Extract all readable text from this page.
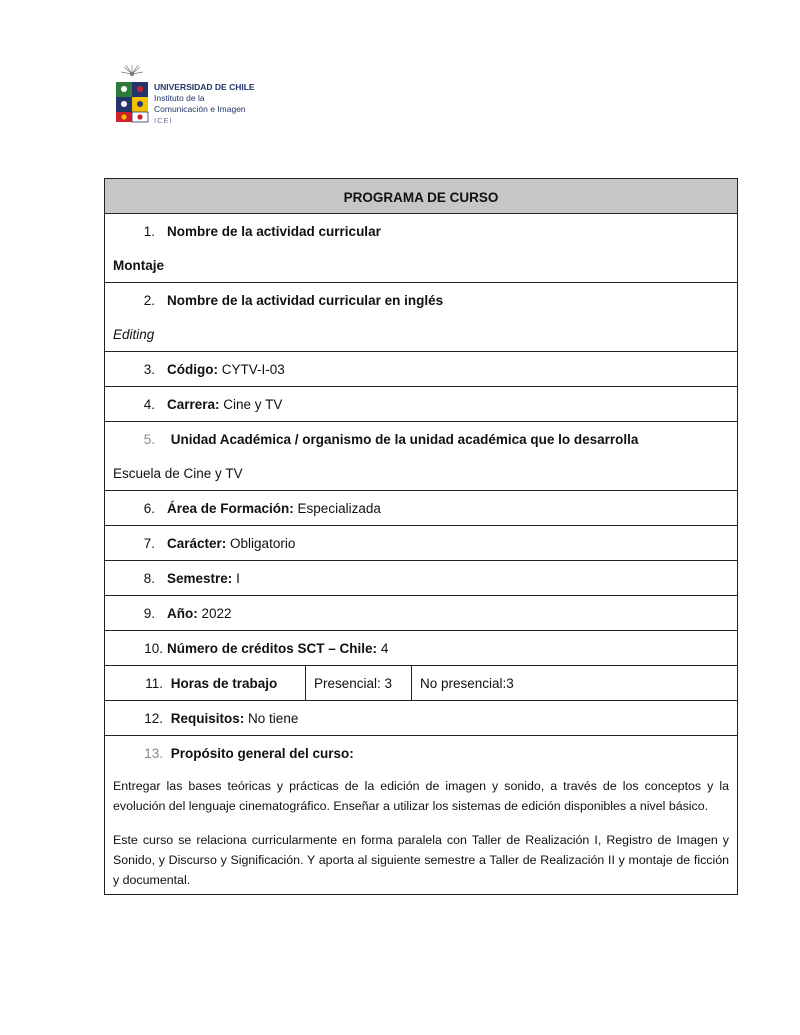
UNIVERSIDAD DE CHILE
Instituto de la
Comunicación e Imagen
ICEI
PROGRAMA DE CURSO

1. Nombre de la actividad curricular
Montaje

2. Nombre de la actividad curricular en inglés
Editing

3. Código:
CYTV-I-03

4. Carrera:
Cine y TV

5.
	Unidad Académica / organismo de la unidad académica que lo desarrolla
Escuela de Cine y TV

6. Área de Formación:
Especializada

7. Carácter:
Obligatorio

8. Semestre:
I

9. Año:
2022

10. Número de créditos SCT – Chile:
4

11.
Horas de trabajo	Presencial: 3	No presencial:3

12.
Requisitos:
No tiene

13.
Propósito general del curso:
Entregar las bases teóricas y prácticas de la edición de imagen y sonido, a través de los conceptos y la evolución del lenguaje cinematográfico. Enseñar a utilizar los sistemas de edición disponibles a nivel básico.
Este curso se relaciona curricularmente en forma paralela con Taller de Realización I, Registro de Imagen y Sonido, y Discurso y Significación. Y aporta al siguiente semestre a Taller de Realización II y montaje de ficción y documental.
